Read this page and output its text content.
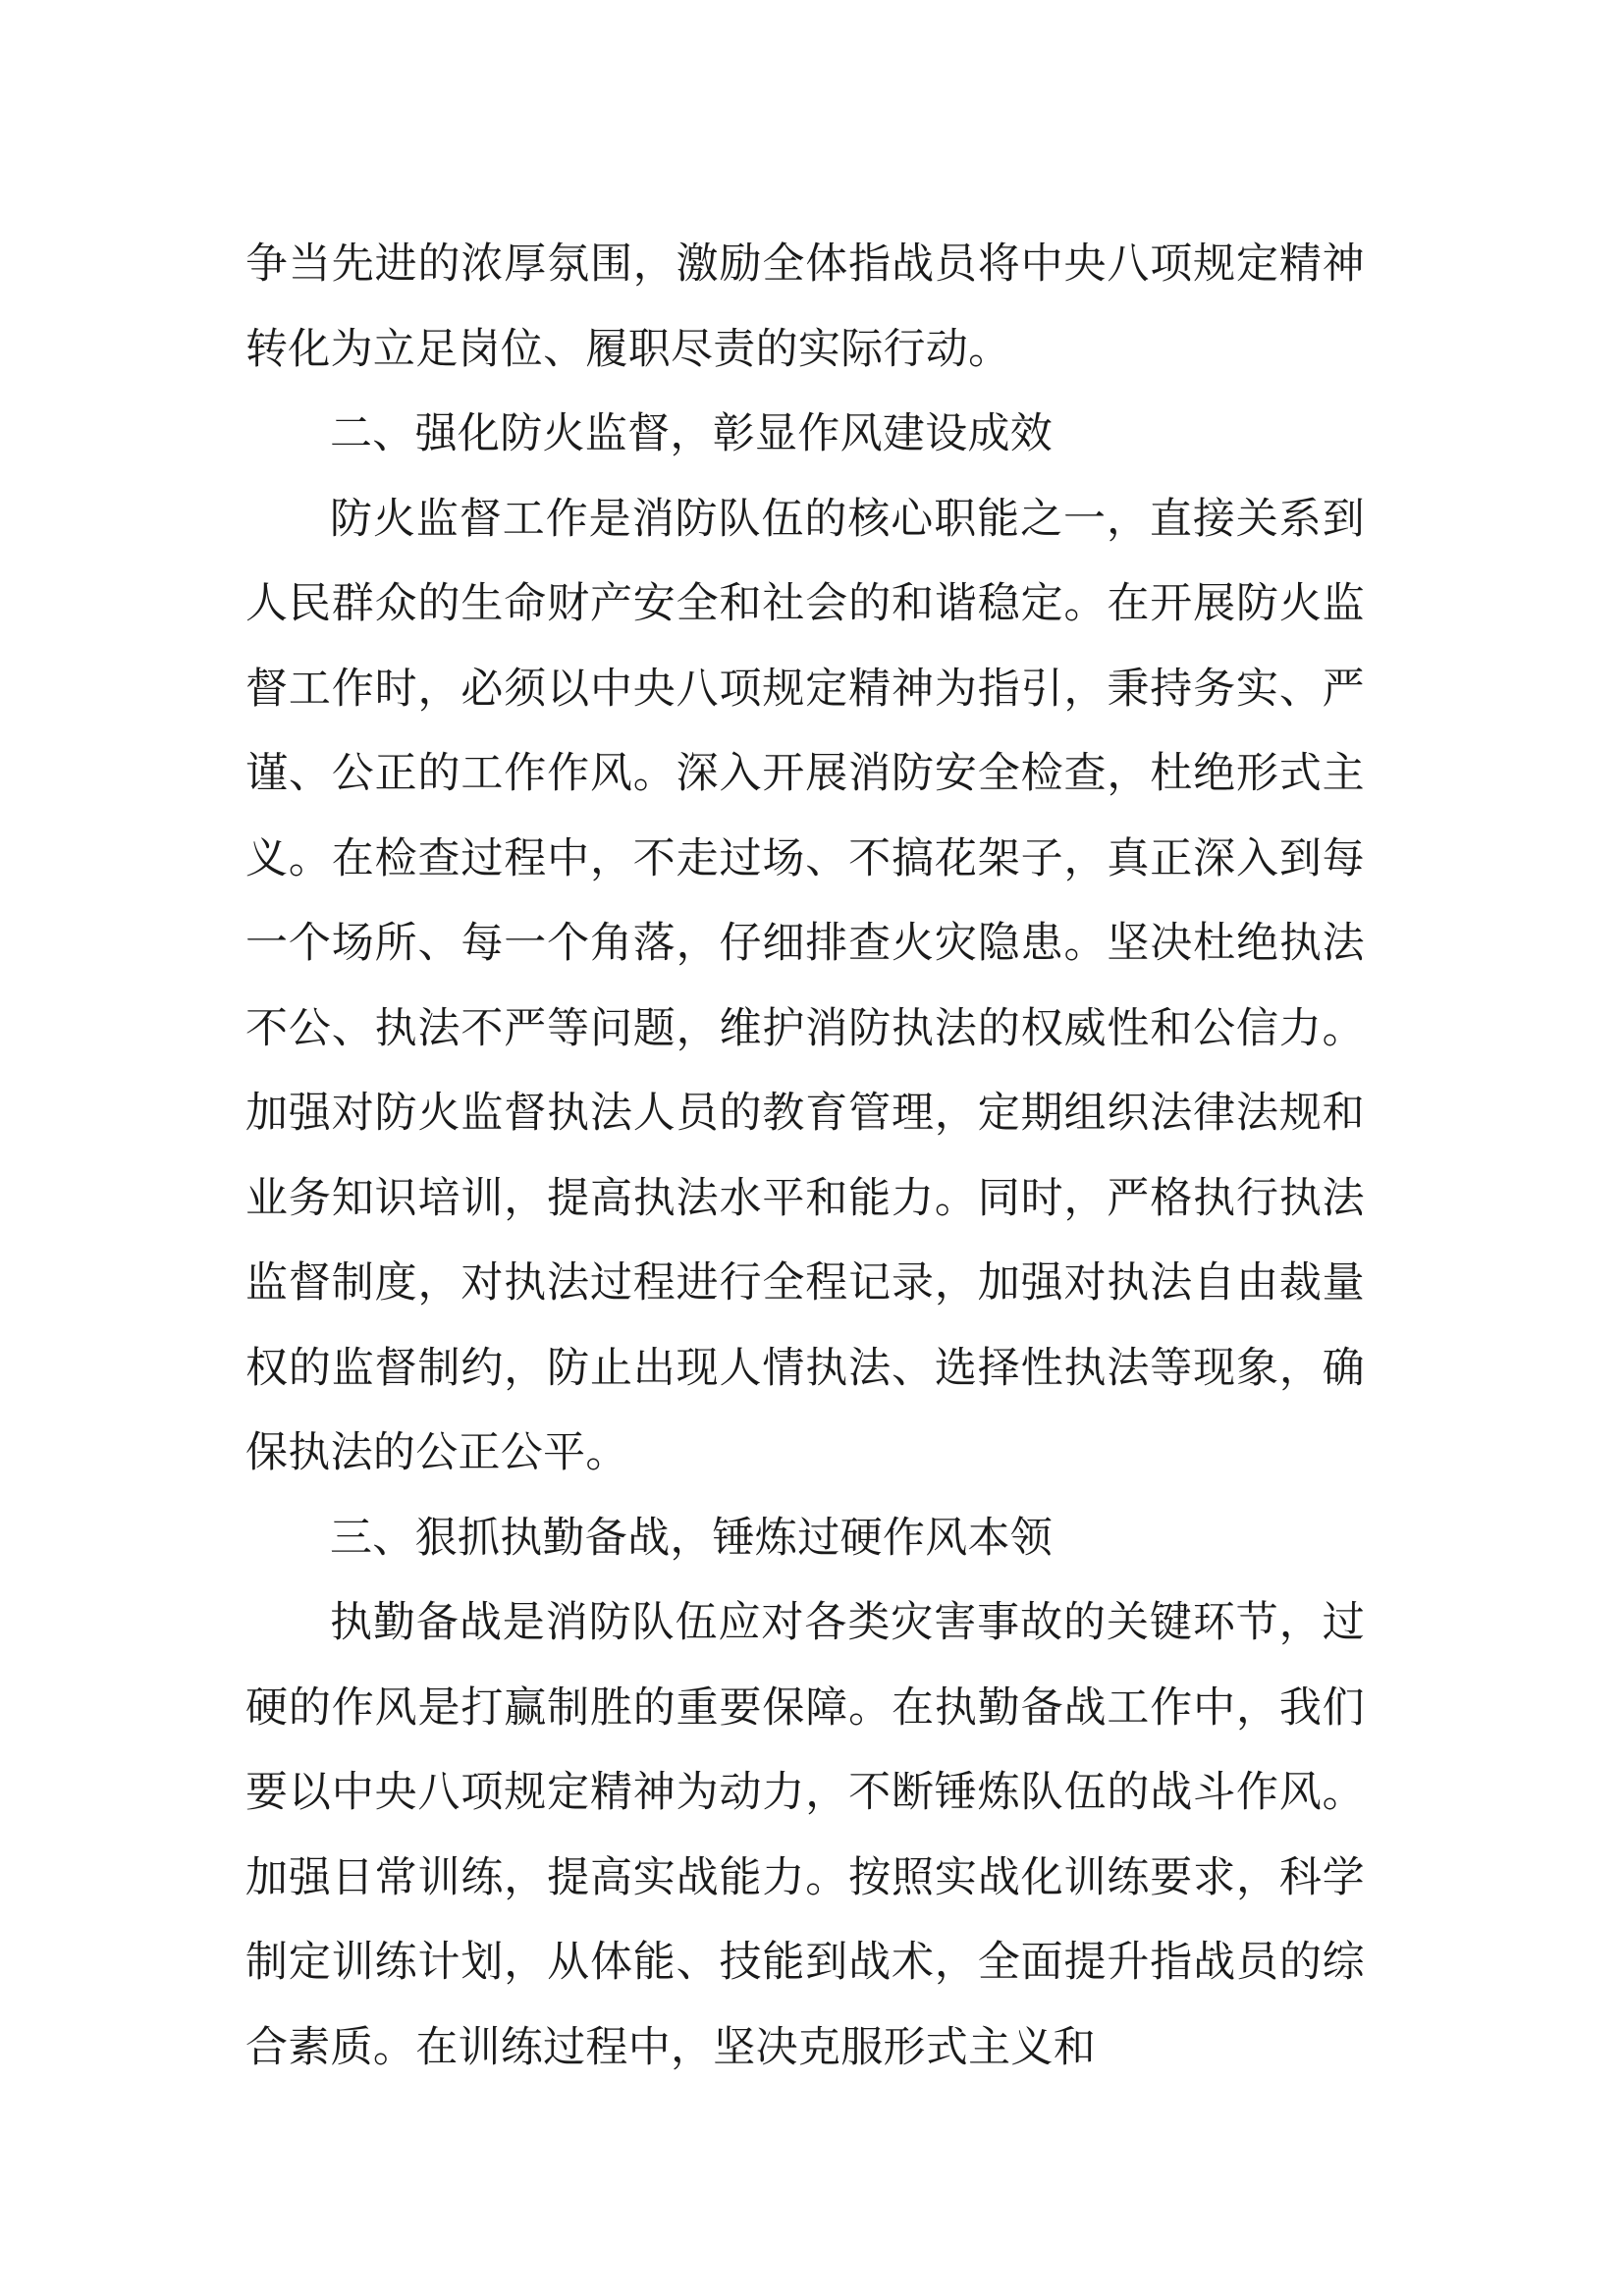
争当先进的浓厚氛围，激励全体指战员将中央八项规定精神转化为立足岗位、履职尽责的实际行动。

二、强化防火监督，彰显作风建设成效

防火监督工作是消防队伍的核心职能之一，直接关系到人民群众的生命财产安全和社会的和谐稳定。在开展防火监督工作时，必须以中央八项规定精神为指引，秉持务实、严谨、公正的工作作风。深入开展消防安全检查，杜绝形式主义。在检查过程中，不走过场、不搞花架子，真正深入到每一个场所、每一个角落，仔细排查火灾隐患。坚决杜绝执法不公、执法不严等问题，维护消防执法的权威性和公信力。加强对防火监督执法人员的教育管理，定期组织法律法规和业务知识培训，提高执法水平和能力。同时，严格执行执法监督制度，对执法过程进行全程记录，加强对执法自由裁量权的监督制约，防止出现人情执法、选择性执法等现象，确保执法的公正公平。

三、狠抓执勤备战，锤炼过硬作风本领

执勤备战是消防队伍应对各类灾害事故的关键环节，过硬的作风是打赢制胜的重要保障。在执勤备战工作中，我们要以中央八项规定精神为动力，不断锤炼队伍的战斗作风。加强日常训练，提高实战能力。按照实战化训练要求，科学制定训练计划，从体能、技能到战术，全面提升指战员的综合素质。在训练过程中，坚决克服形式主义和
